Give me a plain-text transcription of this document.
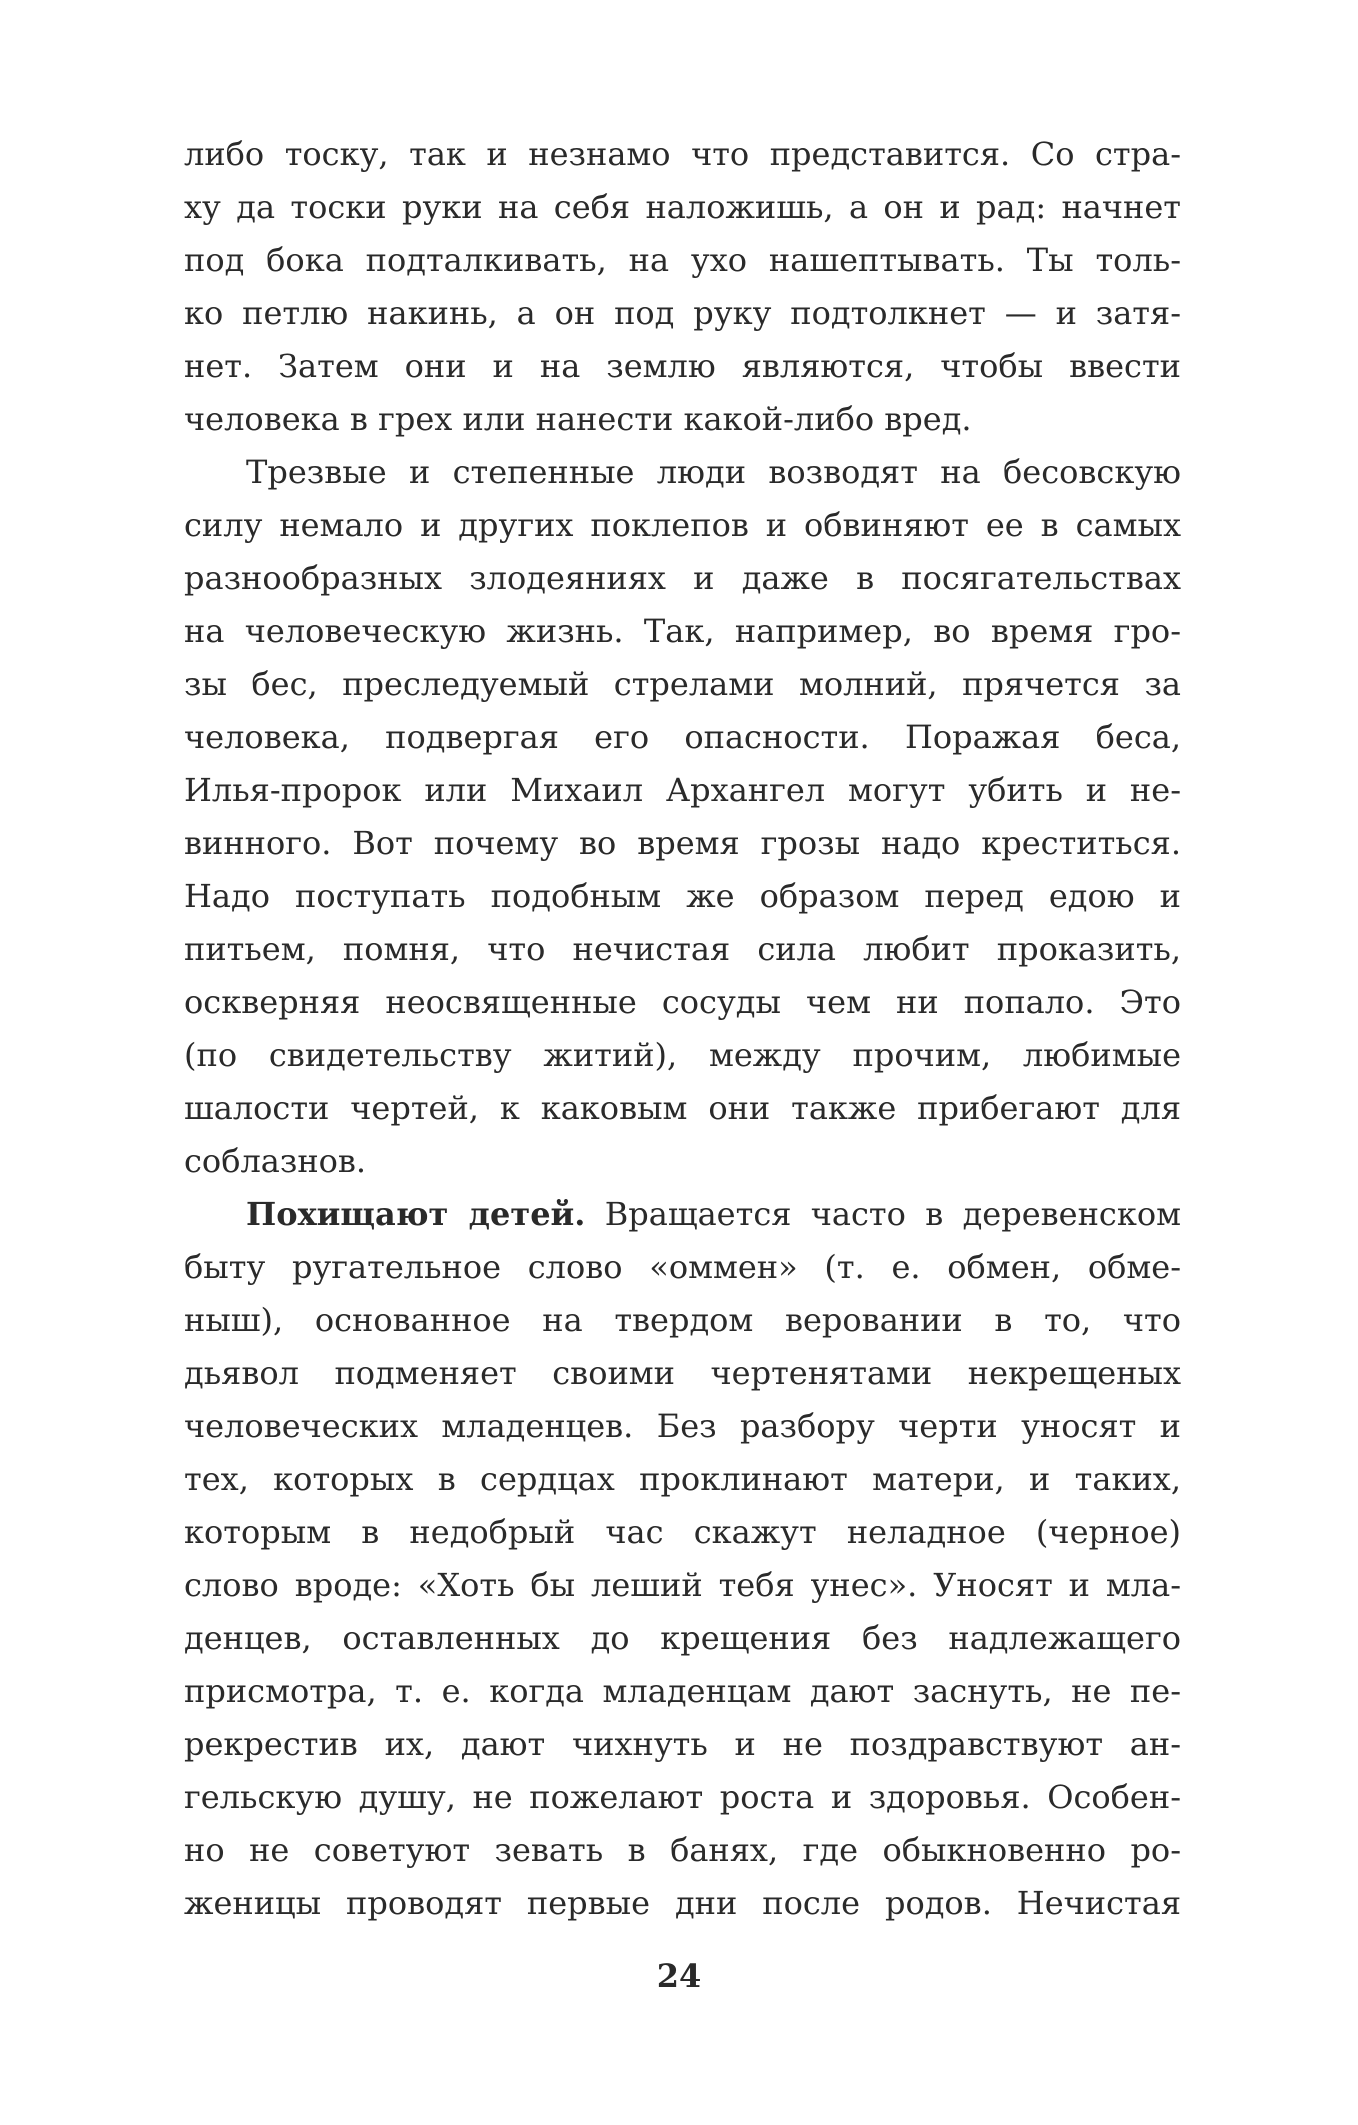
либо тоску, так и незнамо что представится. Со стра-
ху да тоски руки на себя наложишь, а он и рад: начнет
под бока подталкивать, на ухо нашептывать. Ты толь-
ко петлю накинь, а он под руку подтолкнет — и затя-
нет. Затем они и на землю являются, чтобы ввести
человека в грех или нанести какой-либо вред.
Трезвые и степенные люди возводят на бесовскую
силу немало и других поклепов и обвиняют ее в самых
разнообразных злодеяниях и даже в посягательствах
на человеческую жизнь. Так, например, во время гро-
зы бес, преследуемый стрелами молний, прячется за
человека, подвергая его опасности. Поражая беса,
Илья-пророк или Михаил Архангел могут убить и не-
винного. Вот почему во время грозы надо креститься.
Надо поступать подобным же образом перед едою и
питьем, помня, что нечистая сила любит проказить,
оскверняя неосвященные сосуды чем ни попало. Это
(по свидетельству житий), между прочим, любимые
шалости чертей, к каковым они также прибегают для
соблазнов.
Похищают детей. Вращается часто в деревенском
быту ругательное слово «оммен» (т. е. обмен, обме-
ныш), основанное на твердом веровании в то, что
дьявол подменяет своими чертенятами некрещеных
человеческих младенцев. Без разбору черти уносят и
тех, которых в сердцах проклинают матери, и таких,
которым в недобрый час скажут неладное (черное)
слово вроде: «Хоть бы леший тебя унес». Уносят и мла-
денцев, оставленных до крещения без надлежащего
присмотра, т. е. когда младенцам дают заснуть, не пе-
рекрестив их, дают чихнуть и не поздравствуют ан-
гельскую душу, не пожелают роста и здоровья. Особен-
но не советуют зевать в банях, где обыкновенно ро-
женицы проводят первые дни после родов. Нечистая
24
